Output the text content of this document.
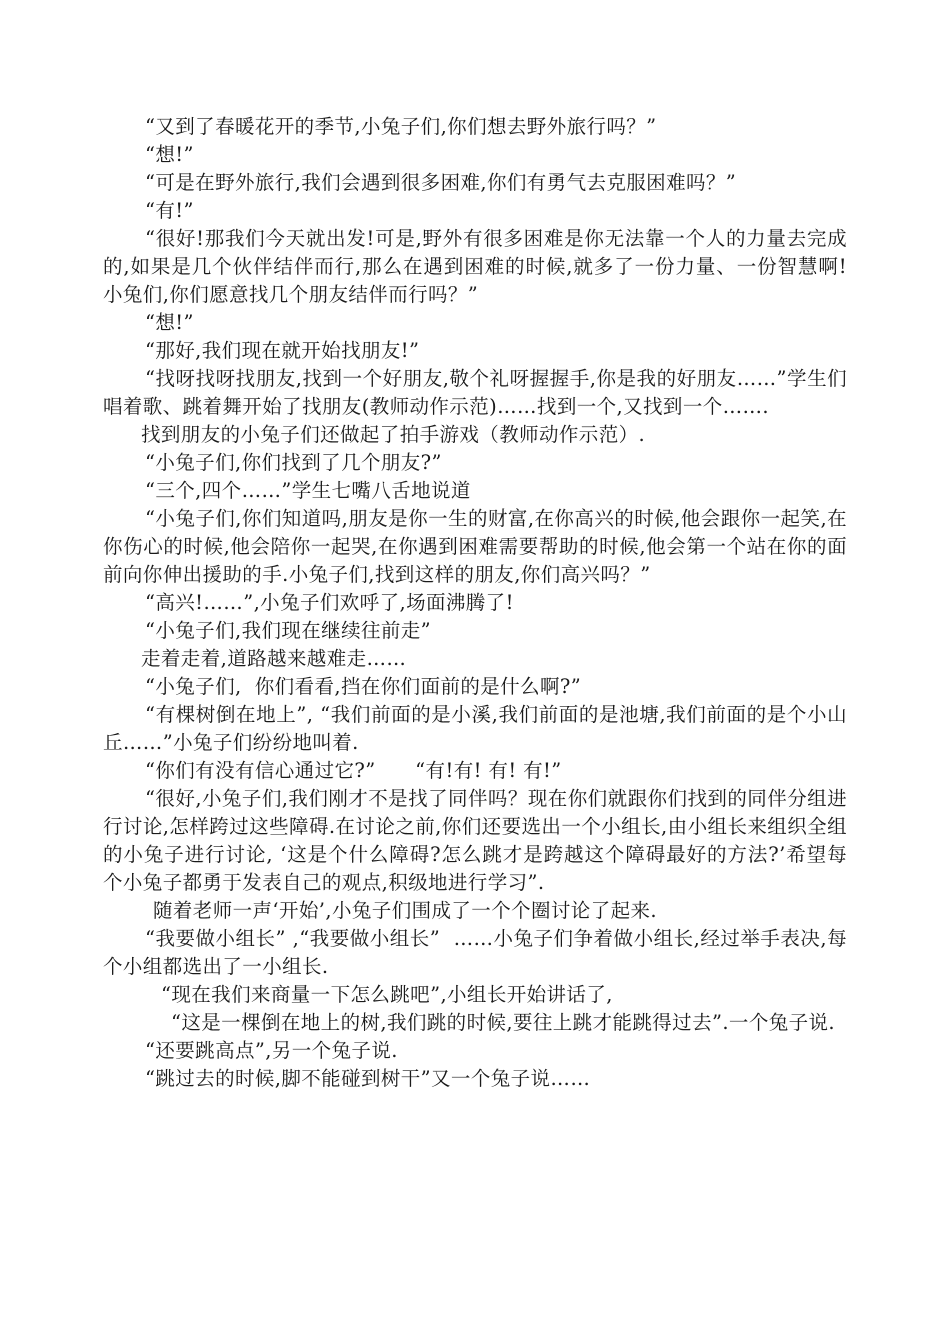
“又到了春暖花开的季节,小兔子们,你们想去野外旅行吗？”

“想!”

“可是在野外旅行,我们会遇到很多困难,你们有勇气去克服困难吗？”

“有!”

“很好!那我们今天就出发!可是,野外有很多困难是你无法靠一个人的力量去完成的,如果是几个伙伴结伴而行,那么在遇到困难的时候,就多了一份力量、一份智慧啊! 小兔们,你们愿意找几个朋友结伴而行吗？”

“想!”

“那好,我们现在就开始找朋友!”

“找呀找呀找朋友,找到一个好朋友,敬个礼呀握握手,你是我的好朋友……”学生们唱着歌、跳着舞开始了找朋友(教师动作示范)……找到一个,又找到一个…….

找到朋友的小兔子们还做起了拍手游戏（教师动作示范）.

“小兔子们,你们找到了几个朋友?”

“三个,四个……”学生七嘴八舌地说道

“小兔子们,你们知道吗,朋友是你一生的财富,在你高兴的时候,他会跟你一起笑,在你伤心的时候,他会陪你一起哭,在你遇到困难需要帮助的时候,他会第一个站在你的面前向你伸出援助的手.小兔子们,找到这样的朋友,你们高兴吗？”

“高兴!……”,小兔子们欢呼了,场面沸腾了!

“小兔子们,我们现在继续往前走”

走着走着,道路越来越难走……

“小兔子们,  你们看看,挡在你们面前的是什么啊?”

“有棵树倒在地上”, “我们前面的是小溪,我们前面的是池塘,我们前面的是个小山丘……”小兔子们纷纷地叫着.

“你们有没有信心通过它?”      “有!有! 有! 有!”

“很好,小兔子们,我们刚才不是找了同伴吗？现在你们就跟你们找到的同伴分组进行讨论,怎样跨过这些障碍.在讨论之前,你们还要选出一个小组长,由小组长来组织全组的小兔子进行讨论, ‘这是个什么障碍?怎么跳才是跨越这个障碍最好的方法?’希望每个小兔子都勇于发表自己的观点,积级地进行学习”.

随着老师一声‘开始’,小兔子们围成了一个个圈讨论了起来.

“我要做小组长” ,“我要做小组长”  ……小兔子们争着做小组长,经过举手表决,每个小组都选出了一小组长.

“现在我们来商量一下怎么跳吧”,小组长开始讲话了,

“这是一棵倒在地上的树,我们跳的时候,要往上跳才能跳得过去”.一个兔子说.

“还要跳高点”,另一个兔子说.

“跳过去的时候,脚不能碰到树干”又一个兔子说……
